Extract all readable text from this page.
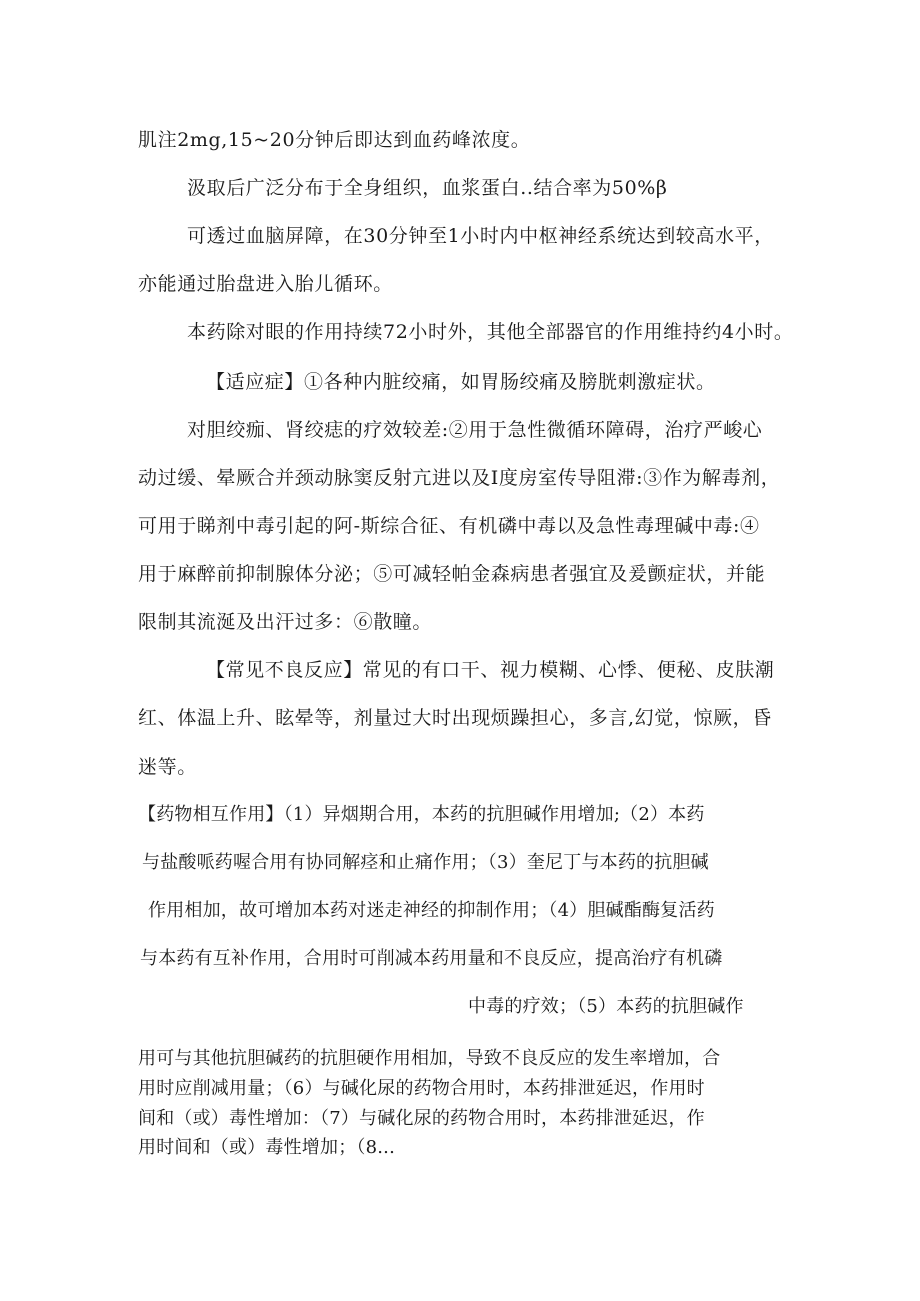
肌注2mg,15~20分钟后即达到血药峰浓度。
汲取后广泛分布于全身组织，血浆蛋白..结合率为50%β
可透过血脑屏障，在30分钟至1小时内中枢神经系统达到较高水平，
亦能通过胎盘进入胎儿循环。
本药除对眼的作用持续72小时外，其他全部器官的作用维持约4小时。
【适应症】①各种内脏绞痛，如胃肠绞痛及膀胱刺激症状。
对胆绞痂、肾绞痣的疗效较差:②用于急性微循环障碍，治疗严峻心
动过缓、晕厥合并颈动脉窦反射亢进以及I度房室传导阻滞:③作为解毒剂，
可用于睇剂中毒引起的阿-斯综合征、有机磷中毒以及急性毒理碱中毒:④
用于麻醉前抑制腺体分泌；⑤可减轻帕金森病患者强宜及爰颤症状，并能
限制其流涎及出汗过多：⑥散瞳。
【常见不良反应】常见的有口干、视力模糊、心悸、便秘、皮肤潮
红、体温上升、眩晕等，剂量过大时出现烦躁担心，多言,幻觉，惊厥，昏
迷等。
【药物相互作用】（1）异烟期合用，本药的抗胆碱作用增加;（2）本药
与盐酸哌药喔合用有协同解痉和止痛作用；（3）奎尼丁与本药的抗胆碱
作用相加，故可增加本药对迷走神经的抑制作用；（4）胆碱酯酶复活药
与本药有互补作用，合用时可削减本药用量和不良反应，提高治疗有机磷
中毒的疗效；（5）本药的抗胆碱作
用可与其他抗胆碱药的抗胆硬作用相加，导致不良反应的发生率增加，合
用时应削减用量；（6）与碱化尿的药物合用时，本药排泄延迟，作用时
间和（或）毒性增加：（7）与碱化尿的药物合用时，本药排泄延迟，作
用时间和（或）毒性增加；（8...
